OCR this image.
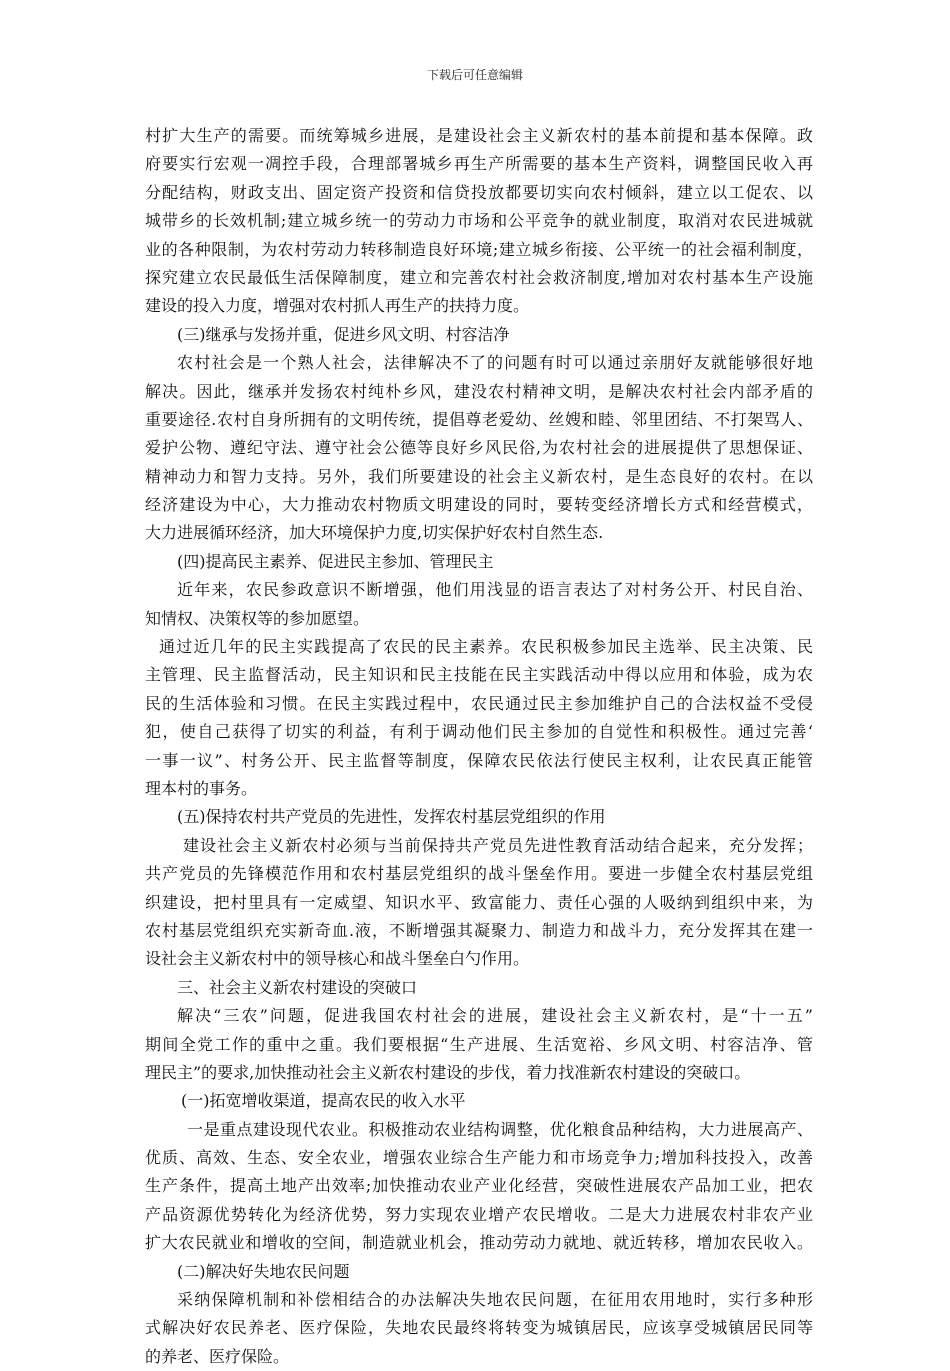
下载后可任意编辑
村扩大生产的需要。而统筹城乡进展，是建设社会主义新农村的基本前提和基本保障。政
府要实行宏观一凋控手段，合理部署城乡再生产所需要的基本生产资料，调整国民收入再
分配结构，财政支出、固定资产投资和信贷投放都要切实向农村倾斜，建立以工促农、以
城带乡的长效机制;建立城乡统一的劳动力市场和公平竞争的就业制度，取消对农民进城就
业的各种限制，为农村劳动力转移制造良好环境;建立城乡衔接、公平统一的社会福利制度，
探究建立农民最低生活保障制度，建立和完善农村社会救济制度,增加对农村基本生产设施
建设的投入力度，增强对农村抓人再生产的扶持力度。
(三)继承与发扬并重，促进乡风文明、村容洁净
农村社会是一个熟人社会，法律解决不了的问题有时可以通过亲朋好友就能够很好地
解决。因此，继承并发扬农村纯朴乡风，建没农村精神文明，是解决农村社会内部矛盾的
重要途径.农村自身所拥有的文明传统，提倡尊老爱幼、丝嫂和睦、邻里团结、不打架骂人、
爱护公物、遵纪守法、遵守社会公德等良好乡风民俗,为农村社会的进展提供了思想保证、
精神动力和智力支持。另外，我们所要建设的社会主义新农村，是生态良好的农村。在以
经济建设为中心，大力推动农村物质文明建设的同时，要转变经济增长方式和经营模式，
大力进展循环经济，加大环境保护力度,切实保护好农村自然生态.
(四)提高民主素养、促进民主参加、管理民主
近年来，农民参政意识不断增强，他们用浅显的语言表达了对村务公开、村民自治、
知情权、决策权等的参加愿望。
通过近几年的民主实践提高了农民的民主素养。农民积极参加民主选举、民主决策、民
主管理、民主监督活动，民主知识和民主技能在民主实践活动中得以应用和体验，成为农
民的生活体验和习惯。在民主实践过程中，农民通过民主参加维护自己的合法权益不受侵
犯，使自己获得了切实的利益，有利于调动他们民主参加的自觉性和积极性。通过完善‘
一事一议”、村务公开、民主监督等制度，保障农民依法行使民主权利，让农民真正能管
理本村的事务。
(五)保持农村共产党员的先进性，发挥农村基层党组织的作用
建设社会主义新农村必须与当前保持共产党员先进性教育活动结合起来，充分发挥；
共产党员的先锋模范作用和农村基层党组织的战斗堡垒作用。要进一步健全农村基层党组
织建设，把村里具有一定威望、知识水平、致富能力、责任心强的人吸纳到组织中来，为
农村基层党组织充实新奇血.液，不断增强其凝聚力、制造力和战斗力，充分发挥其在建一
设社会主义新农村中的领导核心和战斗堡垒白勺作用。
三、社会主义新农村建设的突破口
解决“三农”问题，促进我国农村社会的进展，建设社会主义新农村，是“十一五”
期间全党工作的重中之重。我们要根据“生产进展、生活宽裕、乡风文明、村容洁净、管
理民主”的要求,加快推动社会主义新农村建设的步伐，着力找准新农村建设的突破口。
(一)拓宽增收渠道，提高农民的收入水平
一是重点建设现代农业。积极推动农业结构调整，优化粮食品种结构，大力进展高产、
优质、高效、生态、安全农业，增强农业综合生产能力和市场竞争力;增加科技投入，改善
生产条件，提高土地产出效率;加快推动农业产业化经营，突破性进展农产品加工业，把农
产品资源优势转化为经济优势，努力实现农业增产农民增收。二是大力进展农村非农产业
扩大农民就业和增收的空间，制造就业机会，推动劳动力就地、就近转移，增加农民收入。
(二)解决好失地农民问题
采纳保障机制和补偿相结合的办法解决失地农民问题，在征用农用地时，实行多种形
式解决好农民养老、医疗保险，失地农民最终将转变为城镇居民，应该享受城镇居民同等
的养老、医疗保险。
